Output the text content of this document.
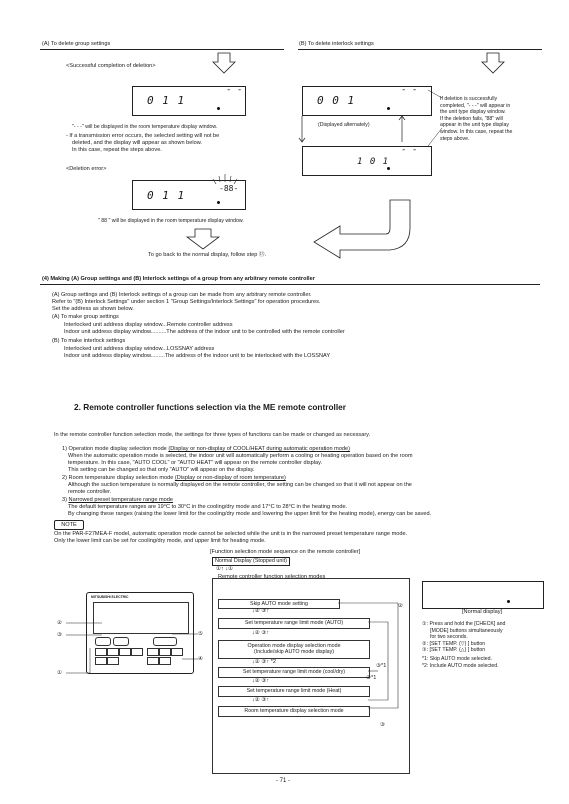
(A) To delete group settings	(B) To delete interlock settings
<Successful completion of deletion>
0 1 1
- -
"- - -" will be displayed in the room temperature display window.
- If a transmission error occurs, the selected setting will not be
deleted, and the display will appear as shown below.
In this case, repeat the steps above.
<Deletion error>
0 1 1
-88-
" 88 " will be displayed in the room temperature display window.
To go back to the normal display, follow step ⑬.
0 0 1
- -
(Displayed alternately)
1 0 1
- -
If deletion is successfully
completed, "- - -" will appear in
the unit type display window.
If the deletion fails, "88" will
appear in the unit type display
window. In this case, repeat the
steps above.
(4) Making (A) Group settings and (B) Interlock settings of a group from any arbitrary remote controller
(A) Group settings and (B) Interlock settings of a group can be made from any arbitrary remote controller.
Refer to "(B) Interlock Settings" under section 1 "Group Settings/Interlock Settings" for operation procedures.
Set the address as shown below.
(A) To make group settings
Interlocked unit address display window...Remote controller address
Indoor unit address display window..........The address of the indoor unit to be controlled with the remote controller
(B) To make interlock settings
Interlocked unit address display window...LOSSNAY address
Indoor unit address display window.........The address of the indoor unit to be interlocked with the LOSSNAY
2. Remote controller functions selection via the ME remote controller
In the remote controller function selection mode, the settings for three types of functions can be made or changed as necessary.
1) Operation mode display selection mode (Display or non-display of COOL/HEAT during automatic operation mode)
When the automatic operation mode is selected, the indoor unit will automatically perform a cooling or heating operation based on the room
temperature. In this case, "AUTO COOL" or "AUTO HEAT" will appear on the remote controller display.
This setting can be changed so that only "AUTO" will appear on the display.
2) Room temperature display selection mode (Display or non-display of room temperature)
Although the suction temperature is normally displayed on the remote controller, the setting can be changed so that it will not appear on the
remote controller.
3) Narrowed preset temperature range mode
The default temperature ranges are 19°C to 30°C in the cooling/dry mode and 17°C to 28°C in the heating mode.
By changing these ranges (raising the lower limit for the cooling/dry mode and lowering the upper limit for the heating mode), energy can be saved.
NOTE
On the PAR-F27MEA-F model, automatic operation mode cannot be selected while the unit is in the narrowed preset temperature range mode.
Only the lower limit can be set for cooling/dry mode, and upper limit for heating mode.
[Function selection mode sequence on the remote controller]
Normal Display (Stopped unit)
①↑ ↓①
Remote controller function selection modes
Skip AUTO mode setting
↓② ③↑
Set temperature range limit mode (AUTO)
↓② ③↑
Operation mode display selection mode
(Include/skip AUTO mode display)
↓② ③↑ *2
Set temperature range limit mode (cool/dry)
↓② ③↑
Set temperature range limit mode (Heat)
↓② ③↑
Room temperature display selection mode
②
③*1
②*1
③
[Normal display]
①: Press and hold the [CHECK] and
[MODE] buttons simultaneously
for two seconds.
②: [SET TEMP. (▽) ] button
③: [SET TEMP. (△) ] button
*1: Skip AUTO mode selected.
*2: Include AUTO mode selected.
MITSUBISHI ELECTRIC
②
③
①
⑤
④
- 71 -
